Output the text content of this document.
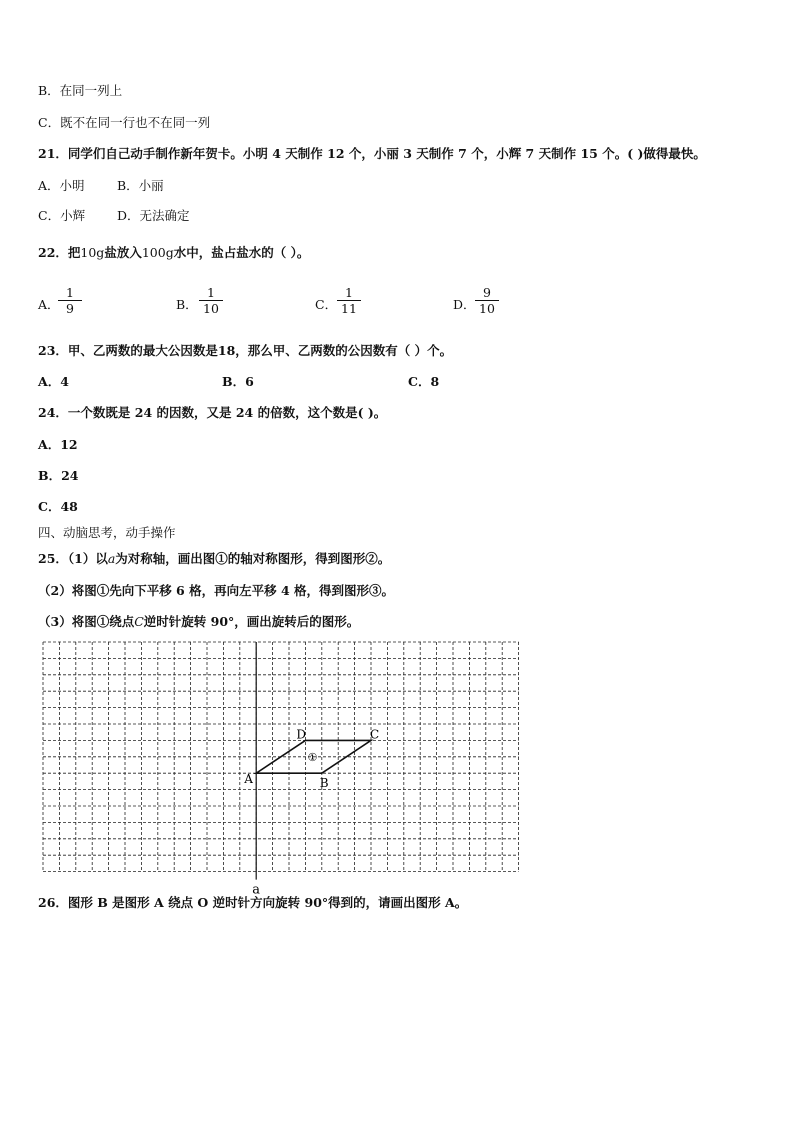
B．在同一列上
C．既不在同一行也不在同一列
21．同学们自己动手制作新年贺卡。小明 4 天制作 12 个，小丽 3 天制作 7 个，小辉 7 天制作 15 个。( )做得最快。
A．小明	B．小丽
C．小辉	D．无法确定
22．把10g盐放入100g水中，盐占盐水的（ ）。
A．
$\frac{1}{9}$	B． $\frac{1}{10}$	C． $\frac{1}{11}$	D． $\frac{9}{10}$
23．甲、乙两数的最大公因数是18，那么甲、乙两数的公因数有（ ）个。
A．4	B．6	C．8
24．一个数既是 24 的因数，又是 24 的倍数，这个数是( )。
A．12
B．24
C．48
四、动脑思考，动手操作
25．（1）以a为对称轴，画出图①的轴对称图形，得到图形②。
（2）将图①先向下平移 6 格，再向左平移 4 格，得到图形③。
（3）将图①绕点C逆时针旋转 90°，画出旋转后的图形。
A	B
C
D
①
a
26．图形 B 是图形 A 绕点 O 逆时针方向旋转 90°得到的，请画出图形 A。
